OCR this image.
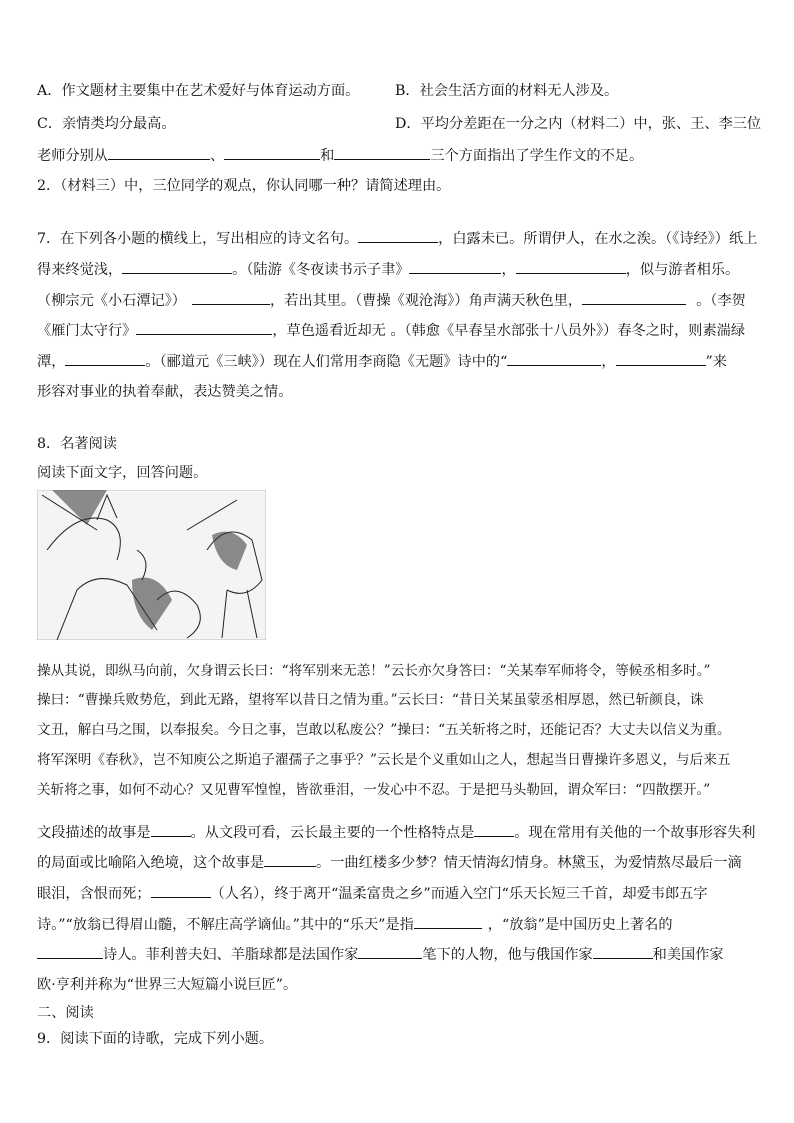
A．作文题材主要集中在艺术爱好与体育运动方面。	B．社会生活方面的材料无人涉及。
C．亲情类均分最高。	D．平均分差距在一分之内（材料二）中，张、王、李三位
老师分别从	、	和	三个方面指出了学生作文的不足。
2．（材料三）中，三位同学的观点，你认同哪一种？请简述理由。
7．在下列各小题的横线上，写出相应的诗文名句。	，白露未已。所谓伊人，在水之涘。（《诗经》）纸上
得来终觉浅，	。（陆游《冬夜读书示子聿》	，	，似与游者相乐。
（柳宗元《小石潭记》）	，若出其里。（曹操《观沧海》）角声满天秋色里，	。（李贺
《雁门太守行》	，草色遥看近却无 。（韩愈《早春呈水部张十八员外》）春冬之时，则素湍绿
潭，	。（郦道元《三峡》）现在人们常用李商隐《无题》诗中的“	，	”来
形容对事业的执着奉献，表达赞美之情。
8．名著阅读
阅读下面文字，回答问题。
操从其说，即纵马向前，欠身谓云长曰：“将军别来无恙！”云长亦欠身答曰：“关某奉军师将令，等候丞相多时。”
操曰：“曹操兵败势危，到此无路，望将军以昔日之情为重。”云长曰：“昔日关某虽蒙丞相厚恩，然已斩颜良，诛
文丑，解白马之围，以奉报矣。今日之事，岂敢以私废公？”操曰：“五关斩将之时，还能记否？大丈夫以信义为重。
将军深明《春秋》，岂不知庾公之斯追子濯孺子之事乎？”云长是个义重如山之人，想起当日曹操许多恩义，与后来五
关斩将之事，如何不动心？又见曹军惶惶，皆欲垂泪，一发心中不忍。于是把马头勒回，谓众军曰：“四散摆开。”
文段描述的故事是	。从文段可看，云长最主要的一个性格特点是	。现在常用有关他的一个故事形容失利
的局面或比喻陷入绝境，这个故事是	。一曲红楼多少梦？情天情海幻情身。林黛玉，为爱情熬尽最后一滴
眼泪，含恨而死；	（人名），终于离开“温柔富贵之乡”而遁入空门“乐天长短三千首，却爱韦郎五字
诗。”“放翁已得眉山髓，不解庄高学谪仙。”其中的“乐天”是指	，“放翁”是中国历史上著名的
诗人。菲利普夫妇、羊脂球都是法国作家	笔下的人物，他与俄国作家	和美国作家
欧·亨利并称为“世界三大短篇小说巨匠”。
二、阅读
9．阅读下面的诗歌，完成下列小题。
